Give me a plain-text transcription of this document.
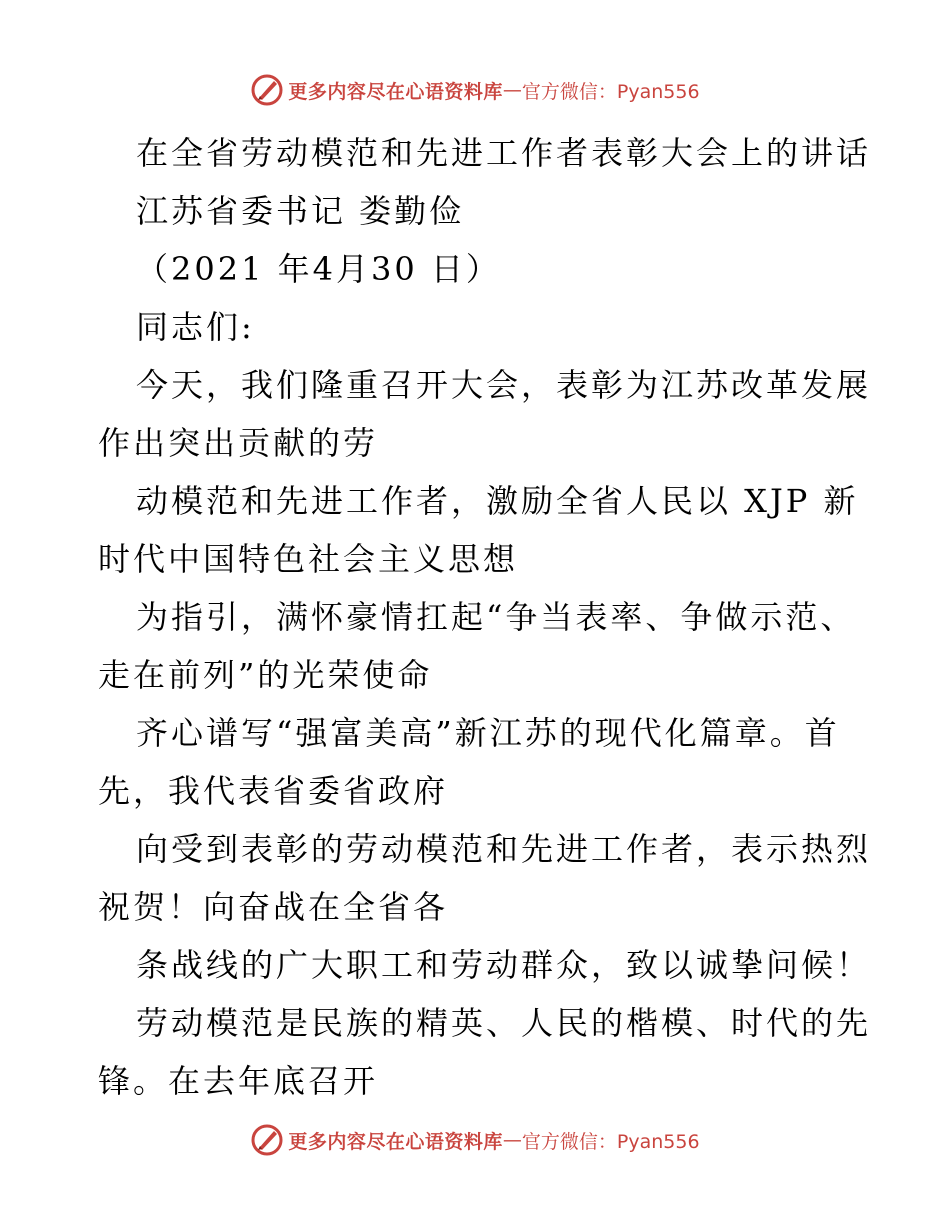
更多内容尽在心语资料库 — 官方微信：Pyan556
在全省劳动模范和先进工作者表彰大会上的讲话
江苏省委书记 娄勤俭
（2021 年4月30 日）
同志们:
今天，我们隆重召开大会，表彰为江苏改革发展
作出突出贡献的劳
动模范和先进工作者，激励全省人民以 XJP 新
时代中国特色社会主义思想
为指引，满怀豪情扛起“争当表率、争做示范、
走在前列”的光荣使命
齐心谱写“强富美高”新江苏的现代化篇章。首
先，我代表省委省政府
向受到表彰的劳动模范和先进工作者，表示热烈
祝贺！向奋战在全省各
条战线的广大职工和劳动群众，致以诚挚问候！
劳动模范是民族的精英、人民的楷模、时代的先
锋。在去年底召开
更多内容尽在心语资料库 — 官方微信：Pyan556
